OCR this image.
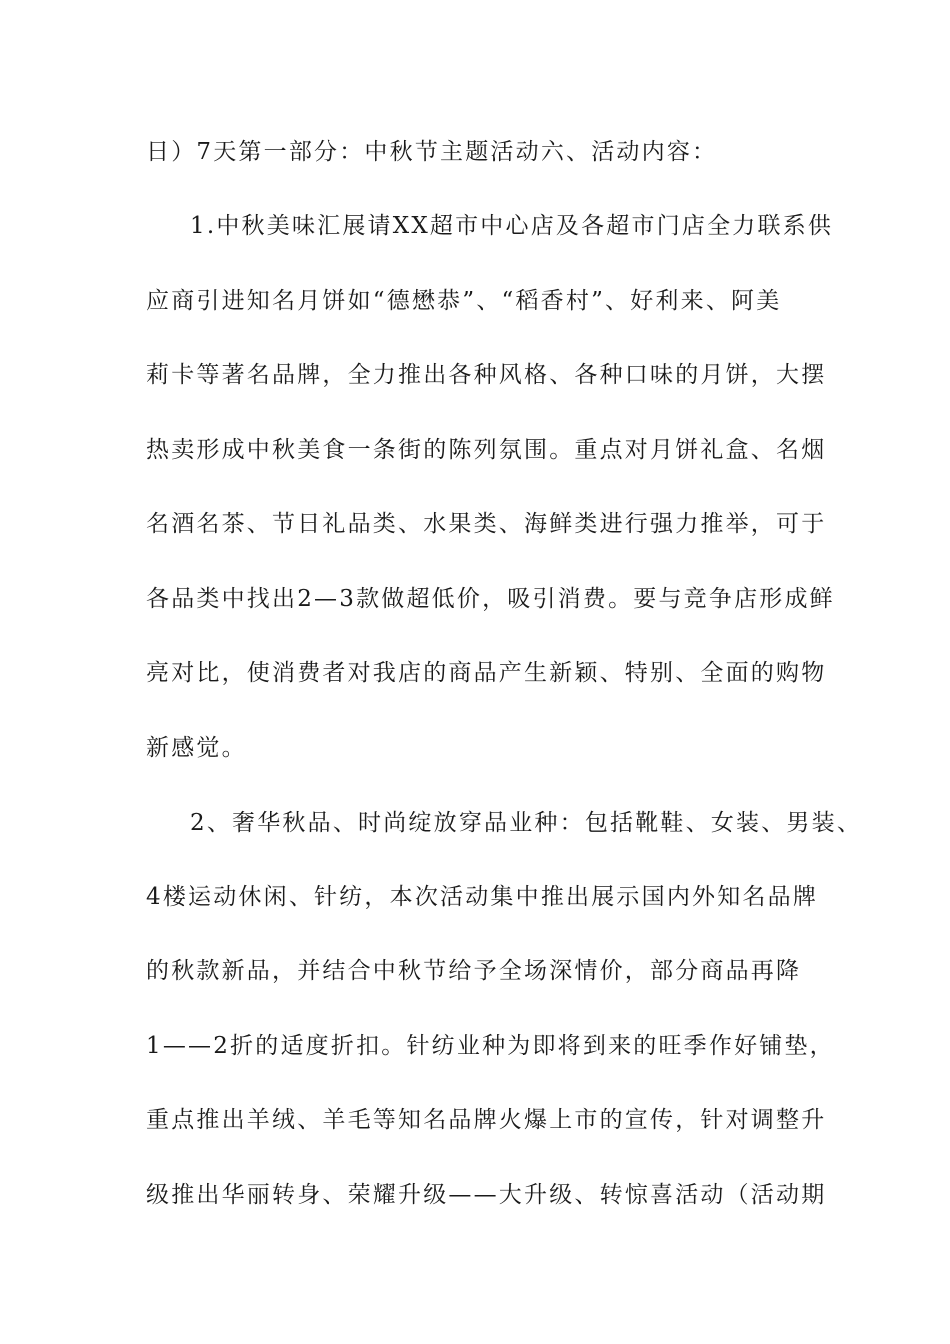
日）7天第一部分：中秋节主题活动六、活动内容：
1.中秋美味汇展请XX超市中心店及各超市门店全力联系供
应商引进知名月饼如“德懋恭”、“稻香村”、好利来、阿美
莉卡等著名品牌，全力推出各种风格、各种口味的月饼，大摆
热卖形成中秋美食一条街的陈列氛围。重点对月饼礼盒、名烟
名酒名茶、节日礼品类、水果类、海鲜类进行强力推举，可于
各品类中找出2—3款做超低价，吸引消费。要与竞争店形成鲜
亮对比，使消费者对我店的商品产生新颖、特别、全面的购物
新感觉。
2、奢华秋品、时尚绽放穿品业种：包括靴鞋、女装、男装、
4楼运动休闲、针纺，本次活动集中推出展示国内外知名品牌
的秋款新品，并结合中秋节给予全场深情价，部分商品再降
1——2折的适度折扣。针纺业种为即将到来的旺季作好铺垫，
重点推出羊绒、羊毛等知名品牌火爆上市的宣传，针对调整升
级推出华丽转身、荣耀升级——大升级、转惊喜活动（活动期
